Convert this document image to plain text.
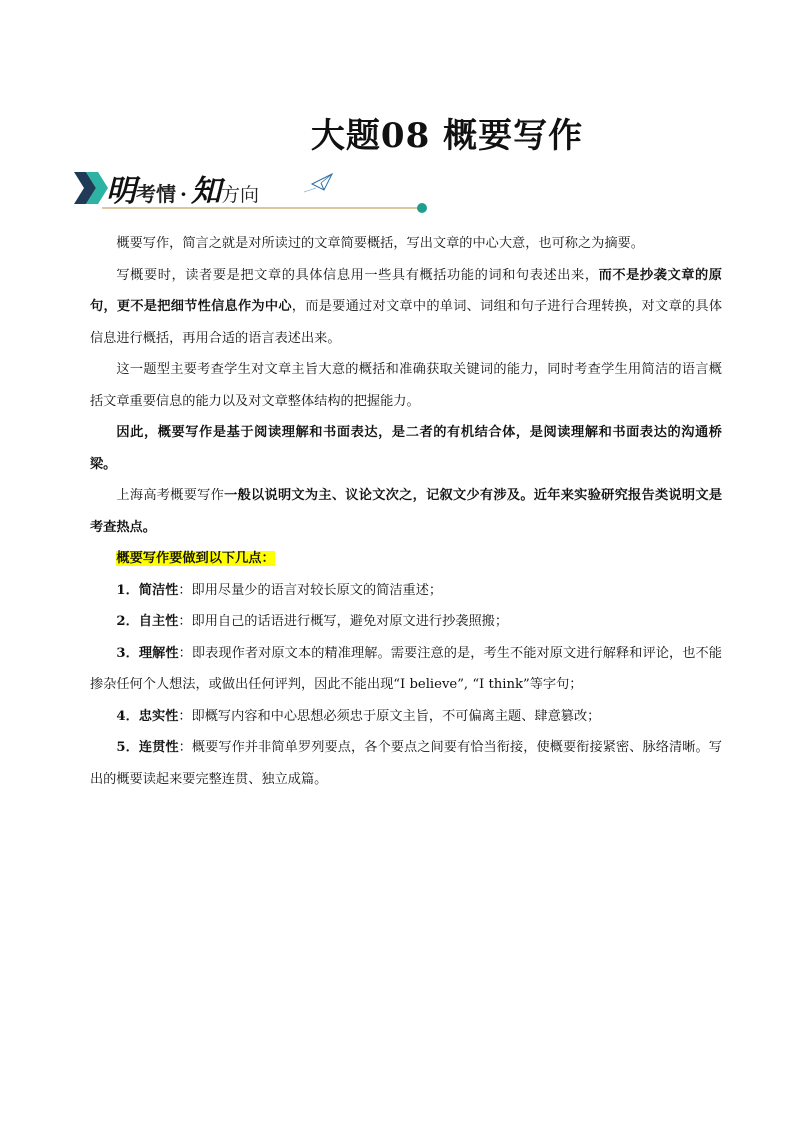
大题08 概要写作
明 考情 · 知 方向

概要写作，简言之就是对所读过的文章简要概括，写出文章的中心大意，也可称之为摘要。

写概要时，读者要是把文章的具体信息用一些具有概括功能的词和句表述出来，而不是抄袭文章的原句，更不是把细节性信息作为中心，而是要通过对文章中的单词、词组和句子进行合理转换，对文章的具体信息进行概括，再用合适的语言表述出来。

这一题型主要考查学生对文章主旨大意的概括和准确获取关键词的能力，同时考查学生用简洁的语言概括文章重要信息的能力以及对文章整体结构的把握能力。

因此，概要写作是基于阅读理解和书面表达，是二者的有机结合体，是阅读理解和书面表达的沟通桥梁。

上海高考概要写作一般以说明文为主、议论文次之，记叙文少有涉及。近年来实验研究报告类说明文是考查热点。

概要写作要做到以下几点：

1．简洁性：即用尽量少的语言对较长原文的简洁重述；

2．自主性：即用自己的话语进行概写，避免对原文进行抄袭照搬；

3．理解性：即表现作者对原文本的精准理解。需要注意的是，考生不能对原文进行解释和评论，也不能掺杂任何个人想法，或做出任何评判，因此不能出现“I believe”, “I think”等字句；

4．忠实性：即概写内容和中心思想必须忠于原文主旨，不可偏离主题、肆意篡改；

5．连贯性：概要写作并非简单罗列要点，各个要点之间要有恰当衔接，使概要衔接紧密、脉络清晰。写出的概要读起来要完整连贯、独立成篇。
